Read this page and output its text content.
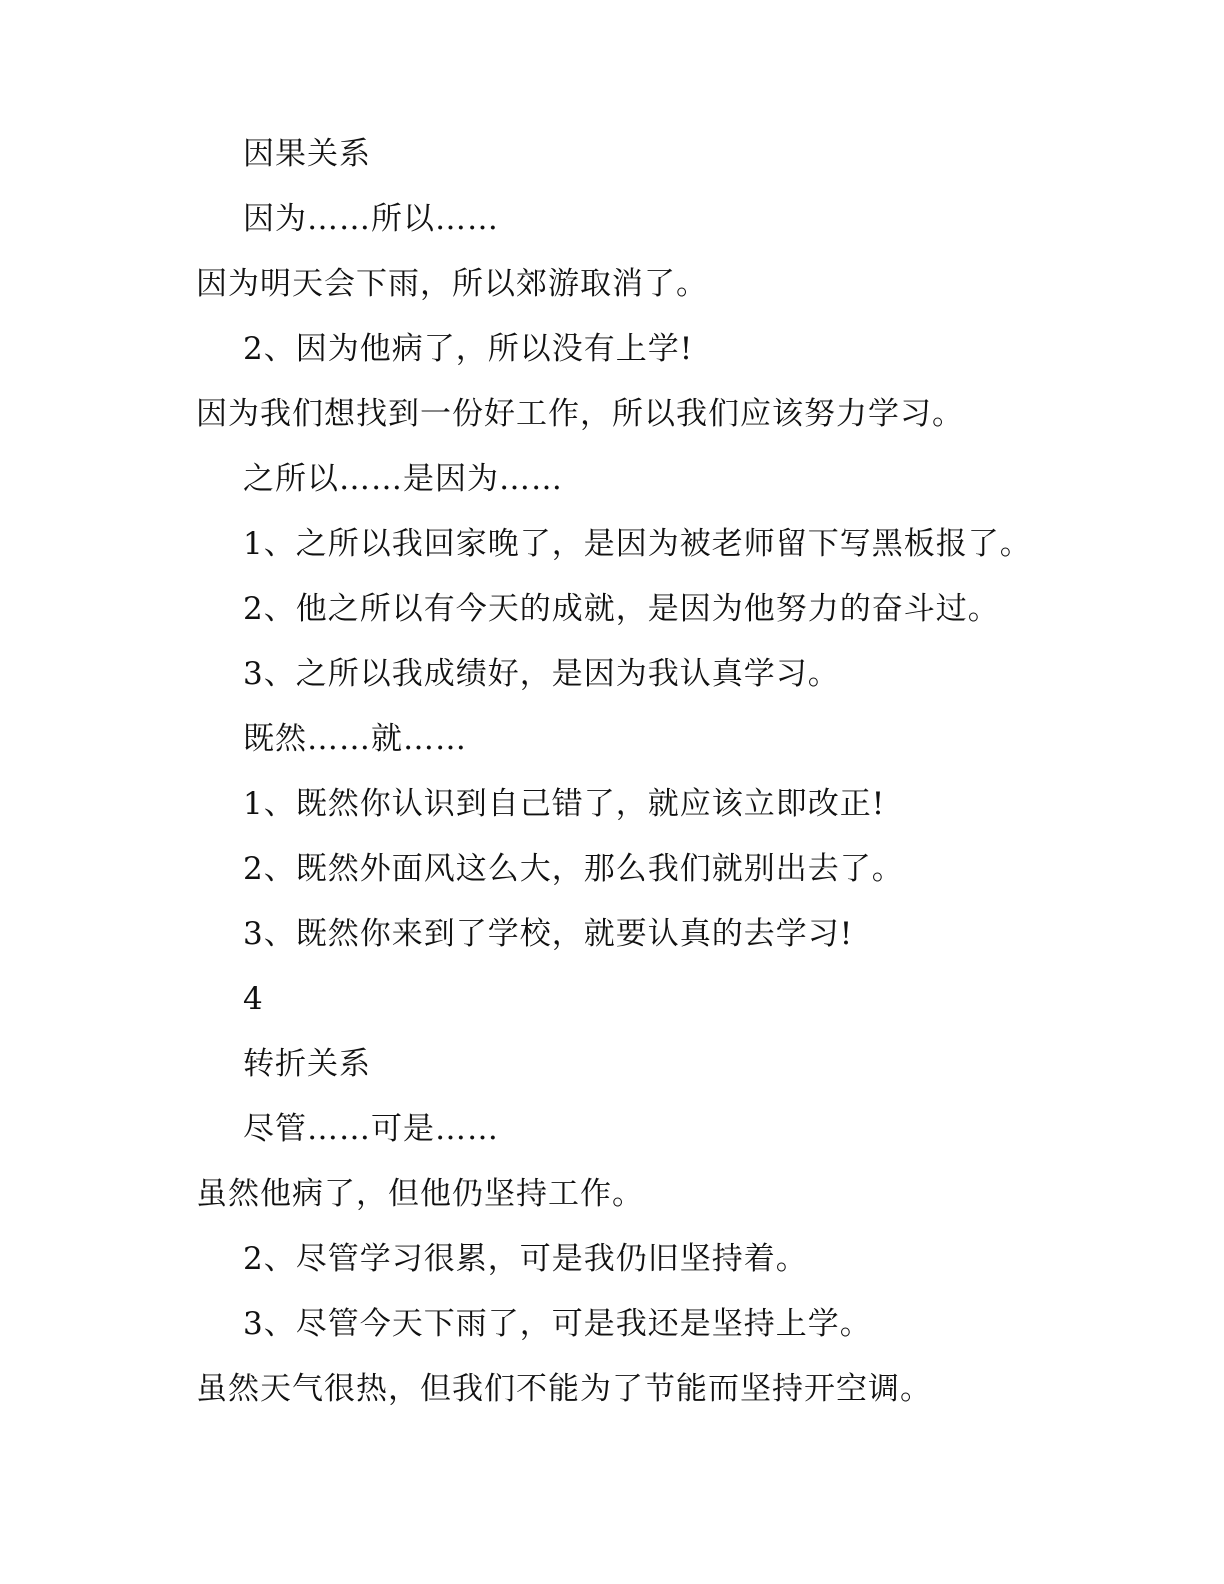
因果关系
因为……所以……
因为明天会下雨，所以郊游取消了。
2、因为他病了，所以没有上学!
因为我们想找到一份好工作，所以我们应该努力学习。
之所以……是因为……
1、之所以我回家晚了，是因为被老师留下写黑板报了。
2、他之所以有今天的成就，是因为他努力的奋斗过。
3、之所以我成绩好，是因为我认真学习。
既然……就……
1、既然你认识到自己错了，就应该立即改正!
2、既然外面风这么大，那么我们就别出去了。
3、既然你来到了学校，就要认真的去学习!
4
转折关系
尽管……可是……
虽然他病了，但他仍坚持工作。
2、尽管学习很累，可是我仍旧坚持着。
3、尽管今天下雨了，可是我还是坚持上学。
虽然天气很热，但我们不能为了节能而坚持开空调。
